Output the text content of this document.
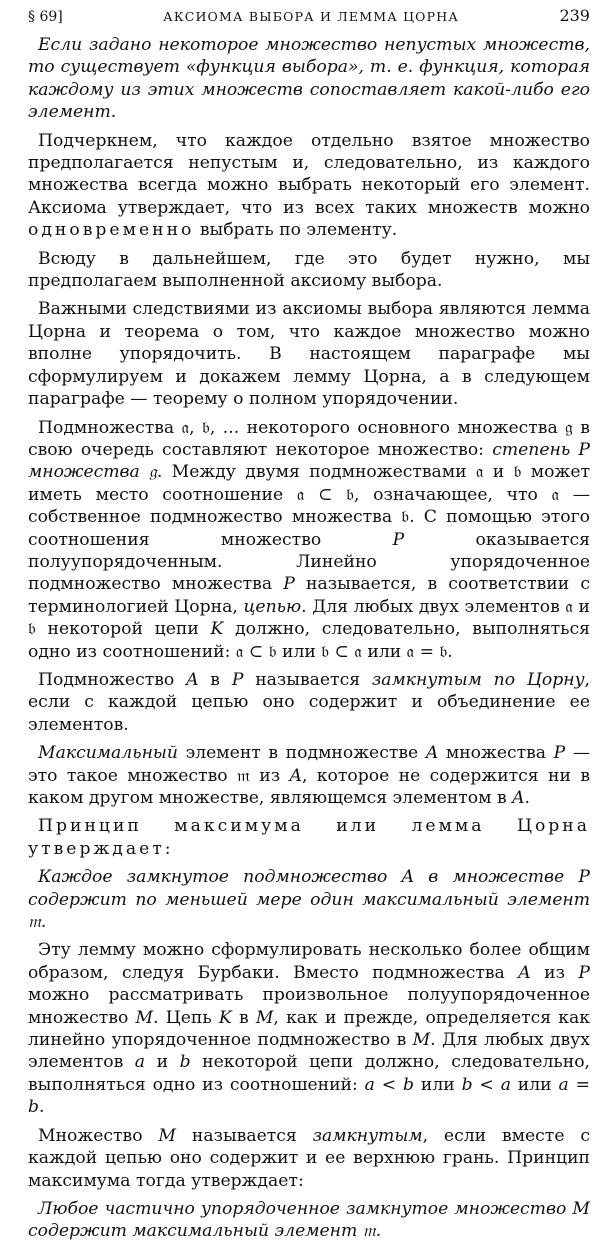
§ 69]	АКСИОМА ВЫБОРА И ЛЕММА ЦОРНА	239

Если задано некоторое множество непустых множеств, то существует «функция выбора», т. е. функция, которая каждому из этих множеств сопоставляет какой-либо его элемент.

Подчеркнем, что каждое отдельно взятое множество предполагается непустым и, следовательно, из каждого множества всегда можно выбрать некоторый его элемент. Аксиома утверждает, что из всех таких множеств можно одновременно выбрать по элементу.

Всюду в дальнейшем, где это будет нужно, мы предполагаем выполненной аксиому выбора.

Важными следствиями из аксиомы выбора являются лемма Цорна и теорема о том, что каждое множество можно вполне упорядочить. В настоящем параграфе мы сформулируем и докажем лемму Цорна, а в следующем параграфе — теорему о полном упорядочении.

Подмножества 𝔞, 𝔟, ... некоторого основного множества 𝔤 в свою очередь составляют некоторое множество: степень P множества 𝔤. Между двумя подмножествами 𝔞 и 𝔟 может иметь место соотношение 𝔞 ⊂ 𝔟, означающее, что 𝔞 — собственное подмножество множества 𝔟. С помощью этого соотношения множество P оказывается полуупорядоченным. Линейно упорядоченное подмножество множества P называется, в соответствии с терминологией Цорна, цепью. Для любых двух элементов 𝔞 и 𝔟 некоторой цепи K должно, следовательно, выполняться одно из соотношений: 𝔞 ⊂ 𝔟 или 𝔟 ⊂ 𝔞 или 𝔞 = 𝔟.

Подмножество A в P называется замкнутым по Цорну, если с каждой цепью оно содержит и объединение ее элементов.

Максимальный элемент в подмножестве A множества P — это такое множество 𝔪 из A, которое не содержится ни в каком другом множестве, являющемся элементом в A.

Принцип максимума или лемма Цорна утверждает:

Каждое замкнутое подмножество A в множестве P содержит по меньшей мере один максимальный элемент 𝔪.

Эту лемму можно сформулировать несколько более общим образом, следуя Бурбаки. Вместо подмножества A из P можно рассматривать произвольное полуупорядоченное множество M. Цепь K в M, как и прежде, определяется как линейно упорядоченное подмножество в M. Для любых двух элементов a и b некоторой цепи должно, следовательно, выполняться одно из соотношений: a < b или b < a или a = b.

Множество M называется замкнутым, если вместе с каждой цепью оно содержит и ее верхнюю грань. Принцип максимума тогда утверждает:

Любое частично упорядоченное замкнутое множество M содержит максимальный элемент 𝔪.
